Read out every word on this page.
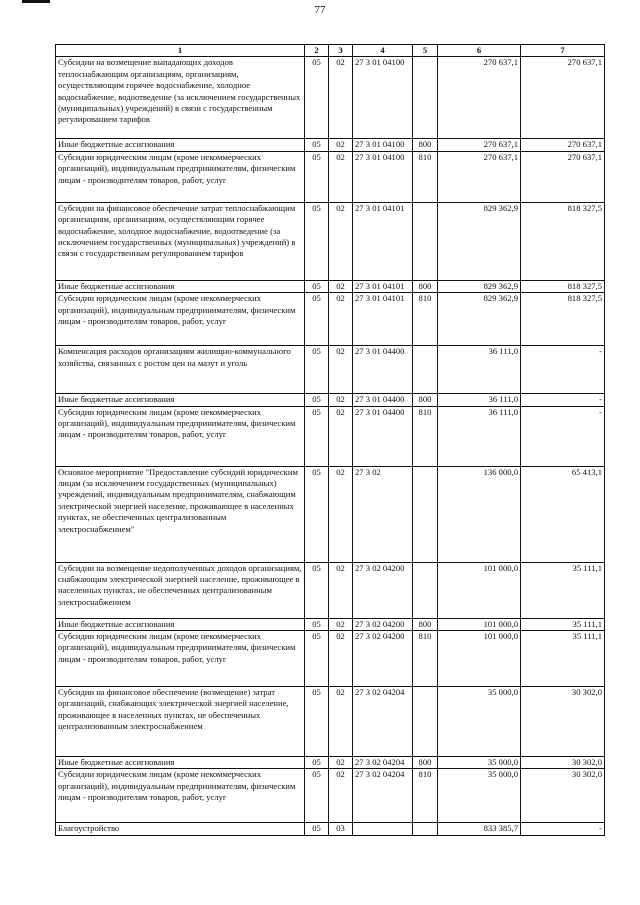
77
1	2	3	4	5	6	7
Субсидии на возмещение выпадающих доходов теплоснабжающим организациям, организациям, осуществляющим горячее водоснабжение, холодное водоснабжение, водоотведение (за исключением государственных (муниципальных) учреждений) в связи с государственным регулированием тарифов	05	02	27 3 01 04100		270 637,1	270 637,1
Иные бюджетные ассигнования	05	02	27 3 01 04100	800	270 637,1	270 637,1
Субсидии юридическим лицам (кроме некоммерческих организаций), индивидуальным предпринимателям, физическим лицам - производителям товаров, работ, услуг	05	02	27 3 01 04100	810	270 637,1	270 637,1
Субсидии на финансовое обеспечение затрат теплоснабжающим организациям, организациям, осуществляющим горячее водоснабжение, холодное водоснабжение, водоотведение (за исключением государственных (муниципальных) учреждений) в связи с государственным регулированием тарифов	05	02	27 3 01 04101		829 362,9	818 327,5
Иные бюджетные ассигнования	05	02	27 3 01 04101	800	829 362,9	818 327,5
Субсидии юридическим лицам (кроме некоммерческих организаций), индивидуальным предпринимателям, физическим лицам - производителям товаров, работ, услуг	05	02	27 3 01 04101	810	829 362,9	818 327,5
Компенсация расходов организациям жилищно-коммунального хозяйства, связанных с ростом цен на мазут и уголь	05	02	27 3 01 04400		36 111,0	-
Иные бюджетные ассигнования	05	02	27 3 01 04400	800	36 111,0	-
Субсидии юридическим лицам (кроме некоммерческих организаций), индивидуальным предпринимателям, физическим лицам - производителям товаров, работ, услуг	05	02	27 3 01 04400	810	36 111,0	-
Основное мероприятие "Предоставление субсидий юридическим лицам (за исключением государственных (муниципальных) учреждений, индивидуальным предпринимателям, снабжающим электрической энергией население, проживающее в населенных пунктах, не обеспеченных централизованным электроснабжением"	05	02	27 3 02		136 000,0	65 413,1
Субсидии на возмещение недополученных доходов организациям, снабжающим электрической энергией население, проживающее в населенных пунктах, не обеспеченных централизованным электроснабжением	05	02	27 3 02 04200		101 000,0	35 111,1
Иные бюджетные ассигнования	05	02	27 3 02 04200	800	101 000,0	35 111,1
Субсидии юридическим лицам (кроме некоммерческих организаций), индивидуальным предпринимателям, физическим лицам - производителям товаров, работ, услуг	05	02	27 3 02 04200	810	101 000,0	35 111,1
Субсидии на финансовое обеспечение (возмещение) затрат организаций, снабжающих электрической энергией население, проживающее в населенных пунктах, не обеспеченных централизованным электроснабжением	05	02	27 3 02 04204		35 000,0	30 302,0
Иные бюджетные ассигнования	05	02	27 3 02 04204	800	35 000,0	30 302,0
Субсидии юридическим лицам (кроме некоммерческих организаций), индивидуальным предпринимателям, физическим лицам - производителям товаров, работ, услуг	05	02	27 3 02 04204	810	35 000,0	30 302,0
Благоустройство	05	03			833 385,7	-
